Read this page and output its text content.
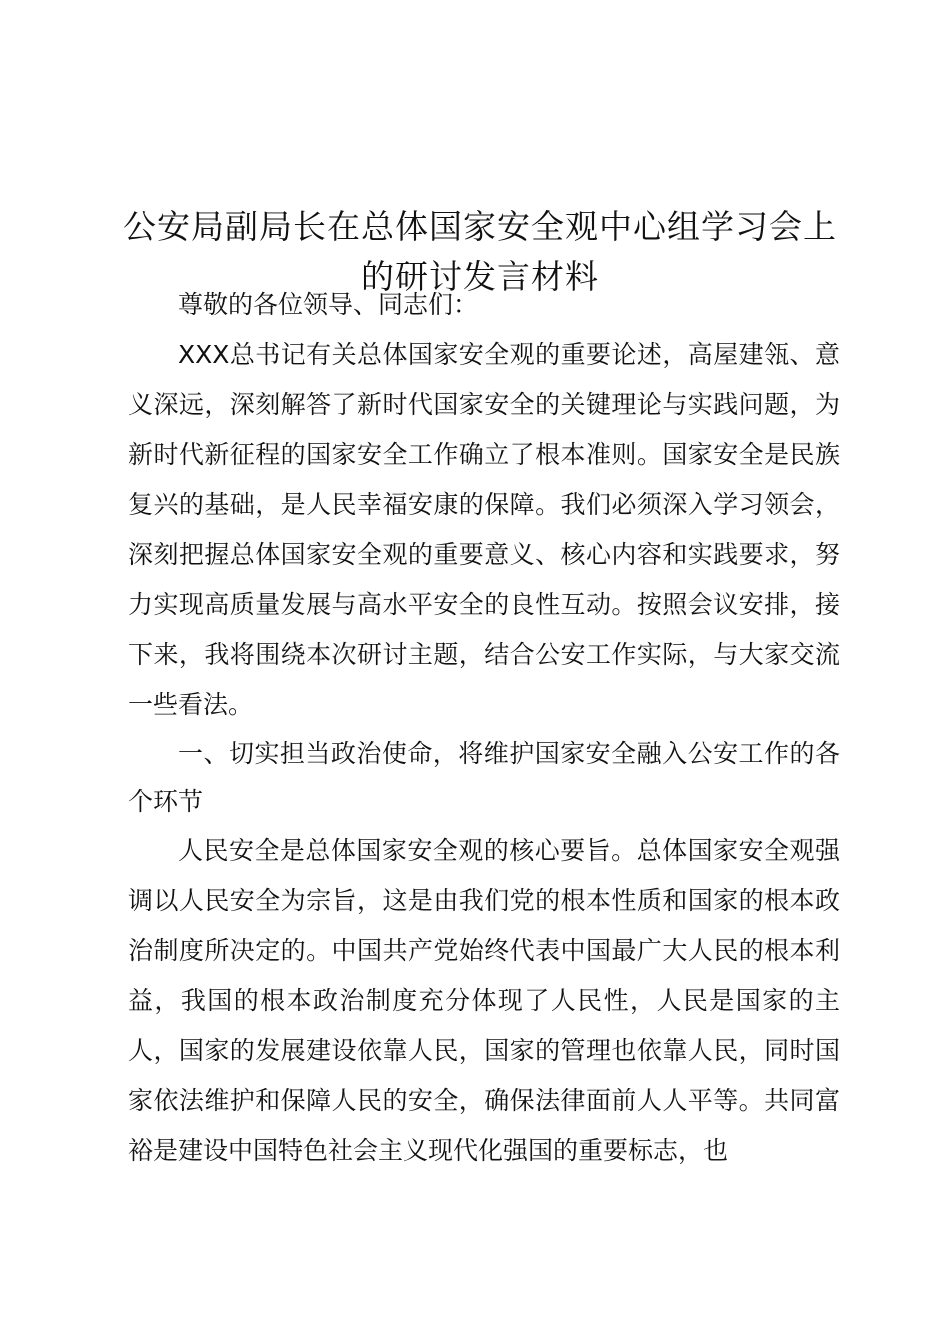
公安局副局长在总体国家安全观中心组学习会上的研讨发言材料

尊敬的各位领导、同志们：

XXX总书记有关总体国家安全观的重要论述，高屋建瓴、意义深远，深刻解答了新时代国家安全的关键理论与实践问题，为新时代新征程的国家安全工作确立了根本准则。国家安全是民族复兴的基础，是人民幸福安康的保障。我们必须深入学习领会，深刻把握总体国家安全观的重要意义、核心内容和实践要求，努力实现高质量发展与高水平安全的良性互动。按照会议安排，接下来，我将围绕本次研讨主题，结合公安工作实际，与大家交流一些看法。

一、切实担当政治使命，将维护国家安全融入公安工作的各个环节

人民安全是总体国家安全观的核心要旨。总体国家安全观强调以人民安全为宗旨，这是由我们党的根本性质和国家的根本政治制度所决定的。中国共产党始终代表中国最广大人民的根本利益，我国的根本政治制度充分体现了人民性，人民是国家的主人，国家的发展建设依靠人民，国家的管理也依靠人民，同时国家依法维护和保障人民的安全，确保法律面前人人平等。共同富裕是建设中国特色社会主义现代化强国的重要标志，也
